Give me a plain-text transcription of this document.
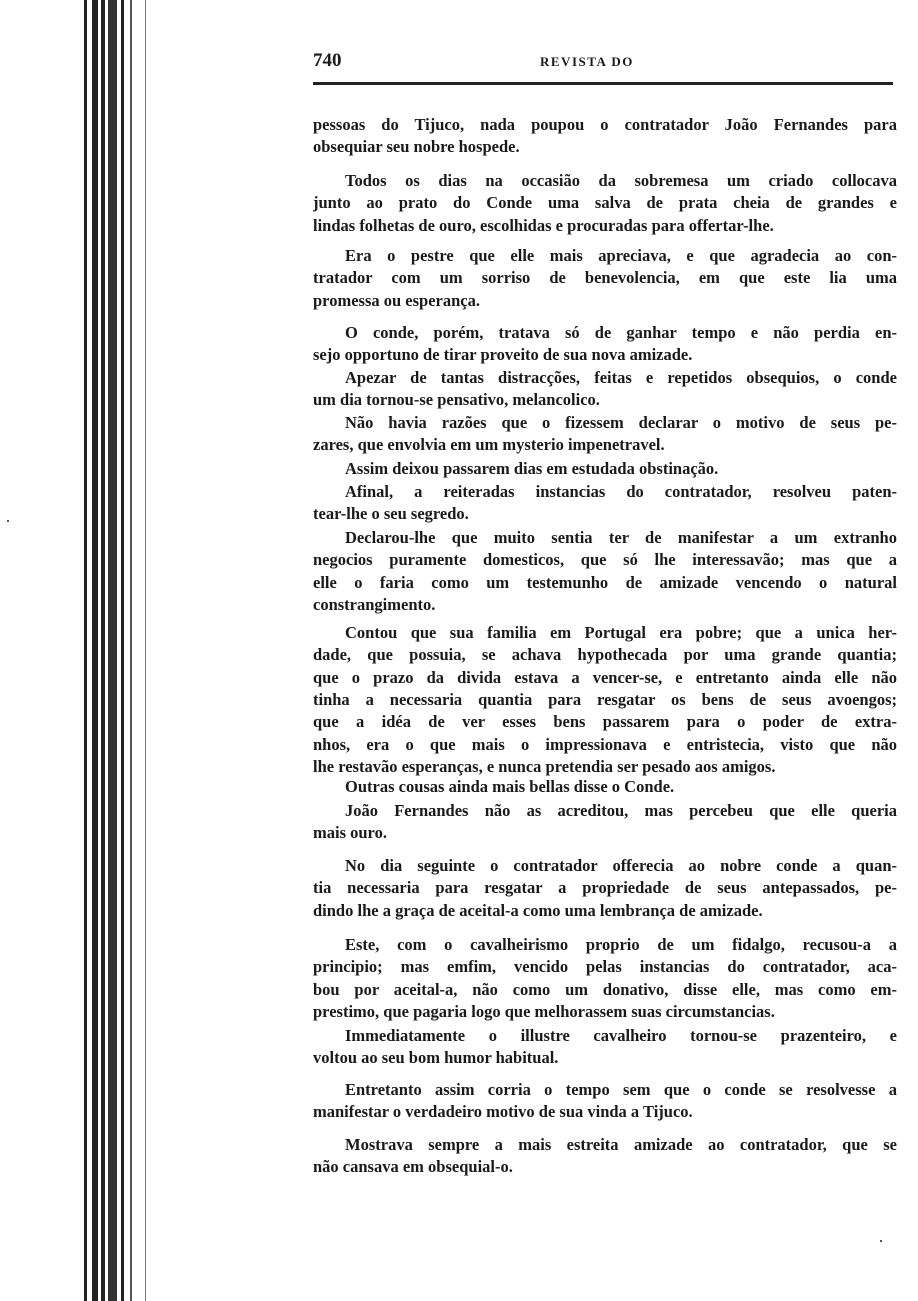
740	REVISTA DO
pessoas do Tijuco, nada poupou o contratador João Fernandes para
obsequiar seu nobre hospede.
Todos os dias na occasião da sobremesa um criado collocava
junto ao prato do Conde uma salva de prata cheia de grandes e
lindas folhetas de ouro, escolhidas e procuradas para offertar-lhe.
Era o pestre que elle mais apreciava, e que agradecia ao con-
tratador com um sorriso de benevolencia, em que este lia uma
promessa ou esperança.
O conde, porém, tratava só de ganhar tempo e não perdia en-
sejo opportuno de tirar proveito de sua nova amizade.
Apezar de tantas distracções, feitas e repetidos obsequios, o conde
um dia tornou-se pensativo, melancolico.
Não havia razões que o fizessem declarar o motivo de seus pe-
zares, que envolvia em um mysterio impenetravel.
Assim deixou passarem dias em estudada obstinação.
Afinal, a reiteradas instancias do contratador, resolveu paten-
tear-lhe o seu segredo.
Declarou-lhe que muito sentia ter de manifestar a um extranho
negocios puramente domesticos, que só lhe interessavão; mas que a
elle o faria como um testemunho de amizade vencendo o natural
constrangimento.
Contou que sua familia em Portugal era pobre; que a unica her-
dade, que possuia, se achava hypothecada por uma grande quantia;
que o prazo da divida estava a vencer-se, e entretanto ainda elle não
tinha a necessaria quantia para resgatar os bens de seus avoengos;
que a idéa de ver esses bens passarem para o poder de extra-
nhos, era o que mais o impressionava e entristecia, visto que não
lhe restavão esperanças, e nunca pretendia ser pesado aos amigos.
Outras cousas ainda mais bellas disse o Conde.
João Fernandes não as acreditou, mas percebeu que elle queria
mais ouro.
No dia seguinte o contratador offerecia ao nobre conde a quan-
tia necessaria para resgatar a propriedade de seus antepassados, pe-
dindo lhe a graça de aceital-a como uma lembrança de amizade.
Este, com o cavalheirismo proprio de um fidalgo, recusou-a a
principio; mas emfim, vencido pelas instancias do contratador, aca-
bou por aceital-a, não como um donativo, disse elle, mas como em-
prestimo, que pagaria logo que melhorassem suas circumstancias.
Immediatamente o illustre cavalheiro tornou-se prazenteiro, e
voltou ao seu bom humor habitual.
Entretanto assim corria o tempo sem que o conde se resolvesse a
manifestar o verdadeiro motivo de sua vinda a Tijuco.
Mostrava sempre a mais estreita amizade ao contratador, que se
não cansava em obsequial-o.
